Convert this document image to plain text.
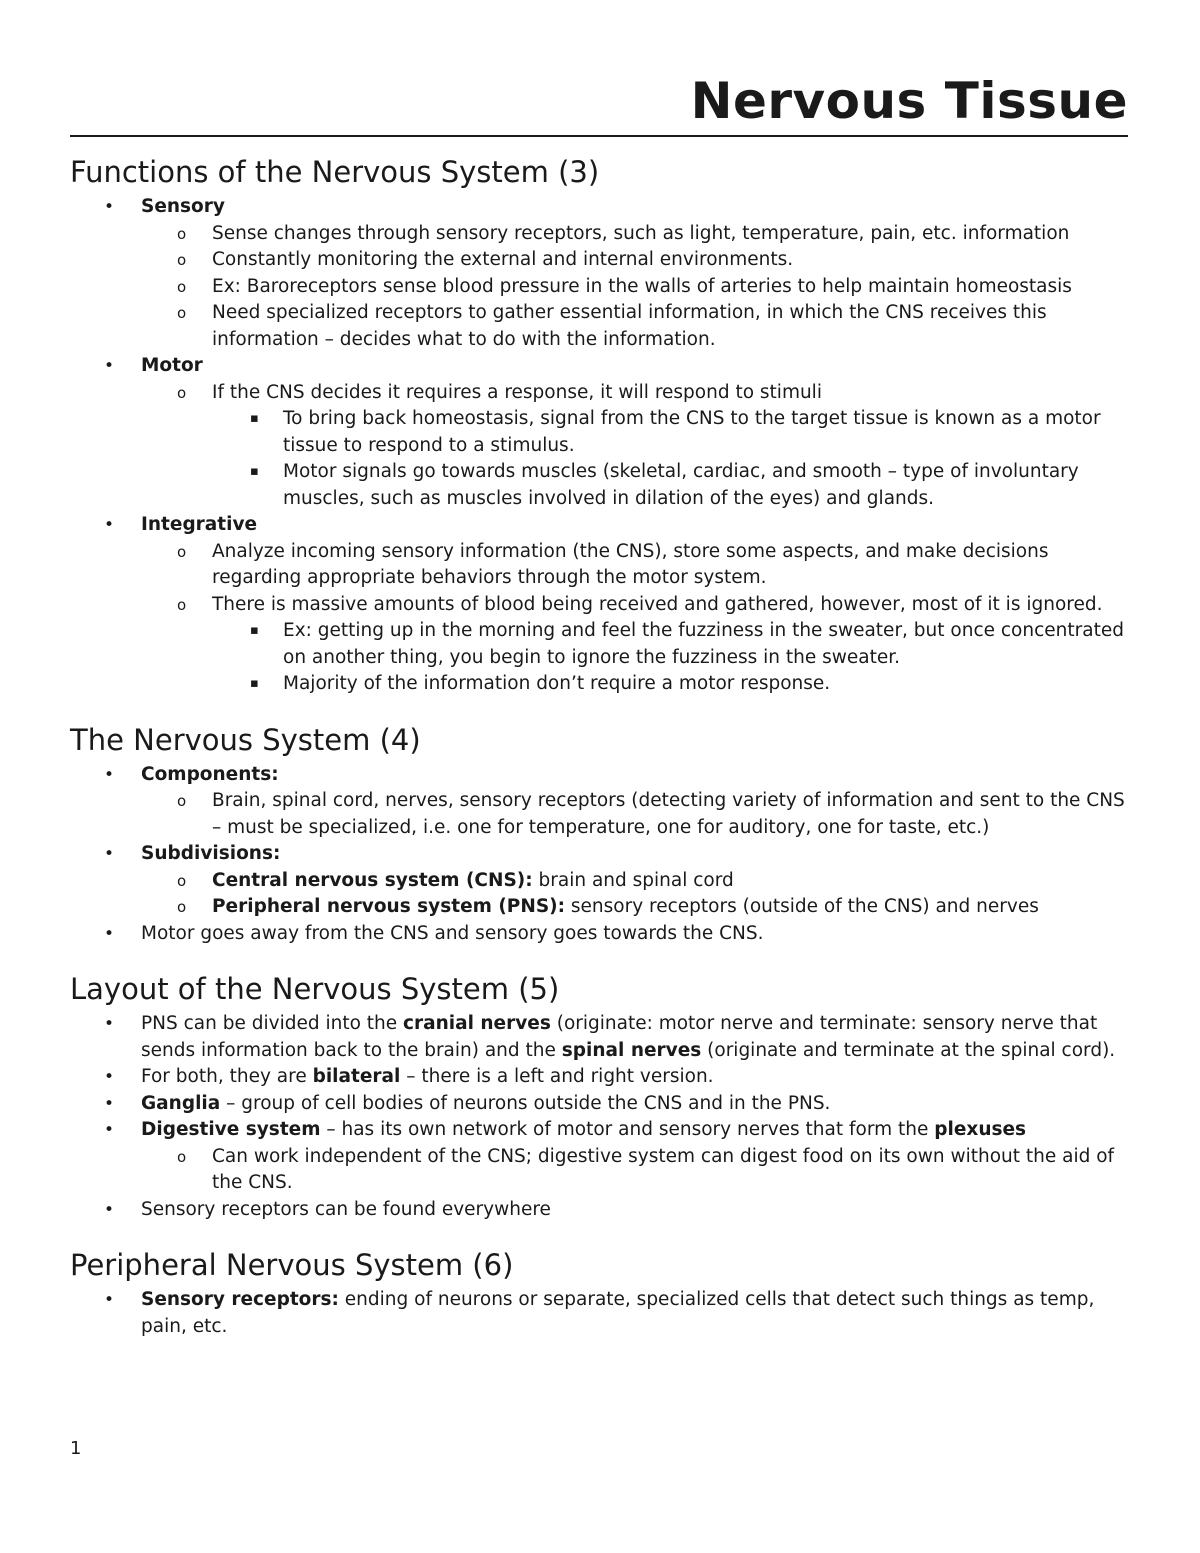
Nervous Tissue
Functions of the Nervous System (3)
• Sensory
o Sense changes through sensory receptors, such as light, temperature, pain, etc. information
o Constantly monitoring the external and internal environments.
o Ex: Baroreceptors sense blood pressure in the walls of arteries to help maintain homeostasis
o Need specialized receptors to gather essential information, in which the CNS receives this information – decides what to do with the information.
• Motor
o If the CNS decides it requires a response, it will respond to stimuli
▪ To bring back homeostasis, signal from the CNS to the target tissue is known as a motor tissue to respond to a stimulus.
▪ Motor signals go towards muscles (skeletal, cardiac, and smooth – type of involuntary muscles, such as muscles involved in dilation of the eyes) and glands.
• Integrative
o Analyze incoming sensory information (the CNS), store some aspects, and make decisions regarding appropriate behaviors through the motor system.
o There is massive amounts of blood being received and gathered, however, most of it is ignored.
▪ Ex: getting up in the morning and feel the fuzziness in the sweater, but once concentrated on another thing, you begin to ignore the fuzziness in the sweater.
▪ Majority of the information don’t require a motor response.
The Nervous System (4)
• Components:
o Brain, spinal cord, nerves, sensory receptors (detecting variety of information and sent to the CNS – must be specialized, i.e. one for temperature, one for auditory, one for taste, etc.)
• Subdivisions:
o Central nervous system (CNS): brain and spinal cord
o Peripheral nervous system (PNS): sensory receptors (outside of the CNS) and nerves
• Motor goes away from the CNS and sensory goes towards the CNS.
Layout of the Nervous System (5)
• PNS can be divided into the cranial nerves (originate: motor nerve and terminate: sensory nerve that sends information back to the brain) and the spinal nerves (originate and terminate at the spinal cord).
• For both, they are bilateral – there is a left and right version.
• Ganglia – group of cell bodies of neurons outside the CNS and in the PNS.
• Digestive system – has its own network of motor and sensory nerves that form the plexuses
o Can work independent of the CNS; digestive system can digest food on its own without the aid of the CNS.
• Sensory receptors can be found everywhere
Peripheral Nervous System (6)
• Sensory receptors: ending of neurons or separate, specialized cells that detect such things as temp, pain, etc.
1
